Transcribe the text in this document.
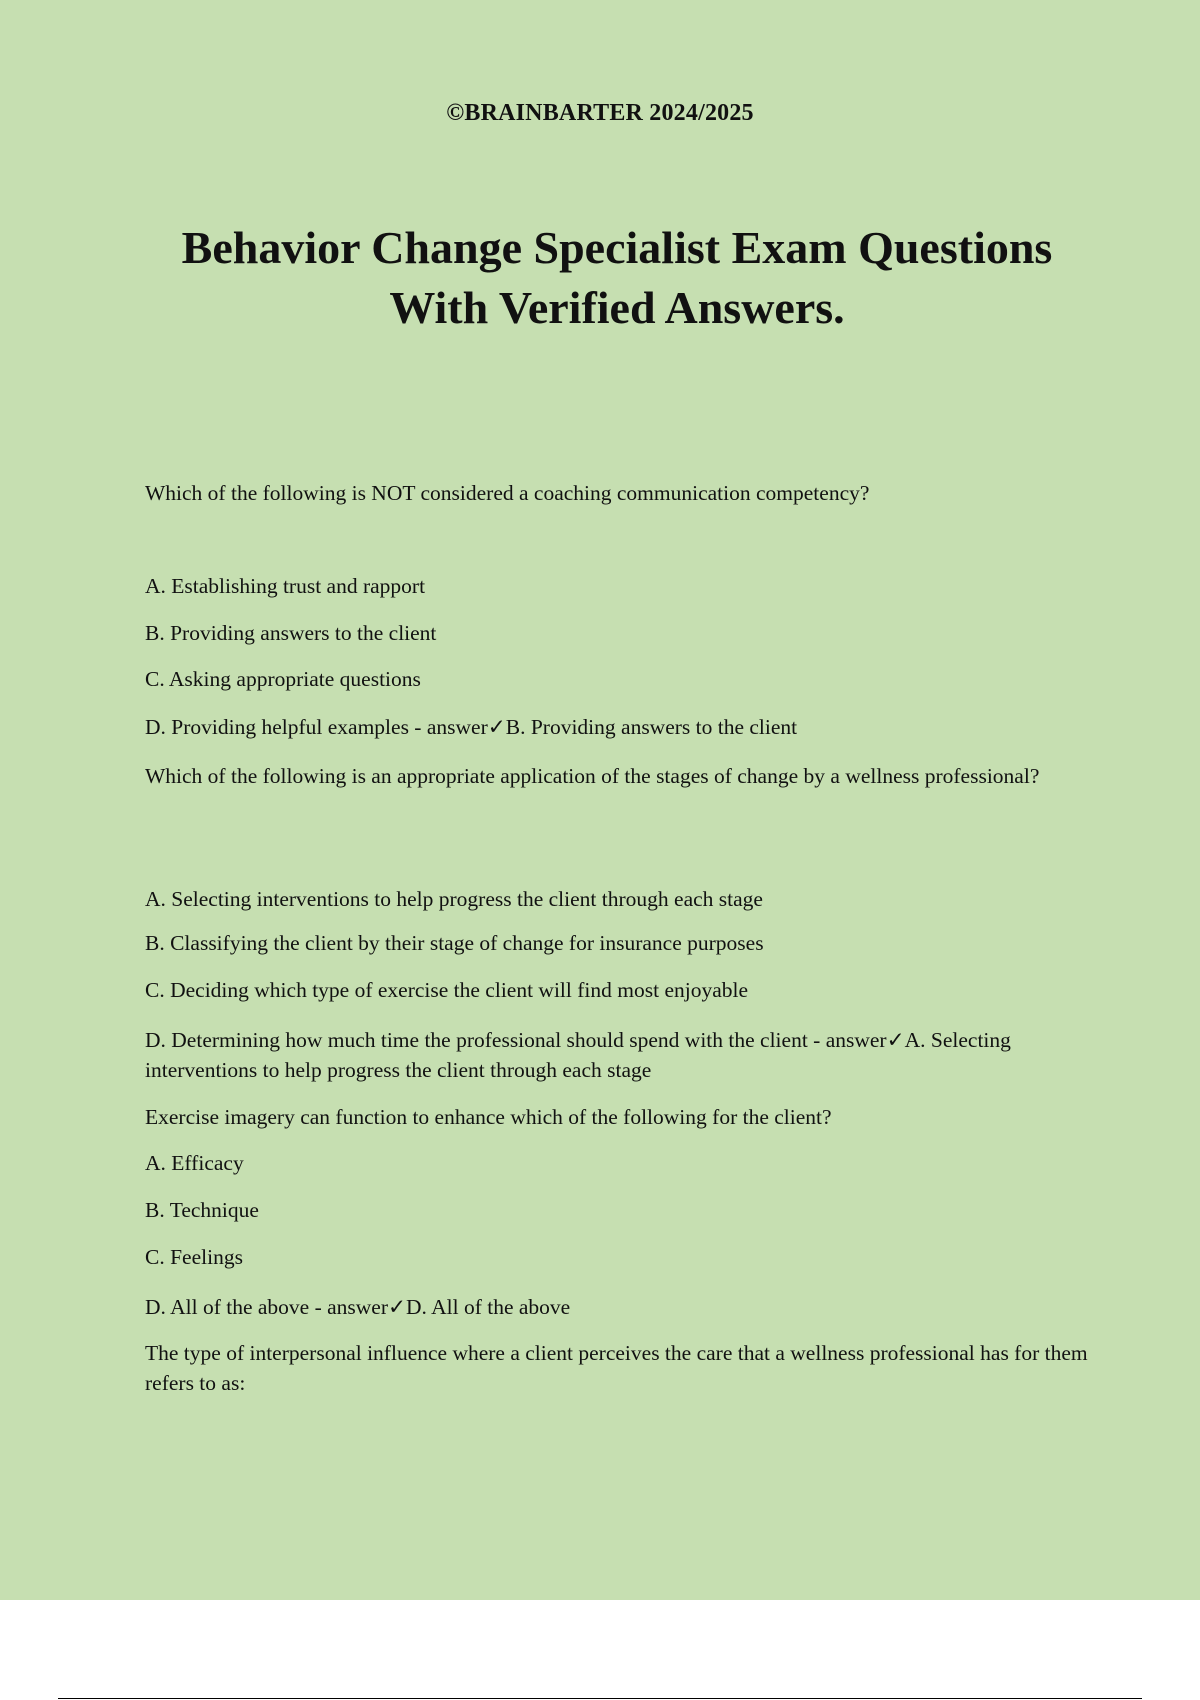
©BRAINBARTER 2024/2025
Behavior Change Specialist Exam Questions
With Verified Answers.
Which of the following is NOT considered a coaching communication competency?
A. Establishing trust and rapport
B. Providing answers to the client
C. Asking appropriate questions
D. Providing helpful examples - answer✓B. Providing answers to the client
Which of the following is an appropriate application of the stages of change by a wellness professional?
A. Selecting interventions to help progress the client through each stage
B. Classifying the client by their stage of change for insurance purposes
C. Deciding which type of exercise the client will find most enjoyable
D. Determining how much time the professional should spend with the client - answer✓A. Selecting interventions to help progress the client through each stage
Exercise imagery can function to enhance which of the following for the client?
A. Efficacy
B. Technique
C. Feelings
D. All of the above - answer✓D. All of the above
The type of interpersonal influence where a client perceives the care that a wellness professional has for them refers to as:
